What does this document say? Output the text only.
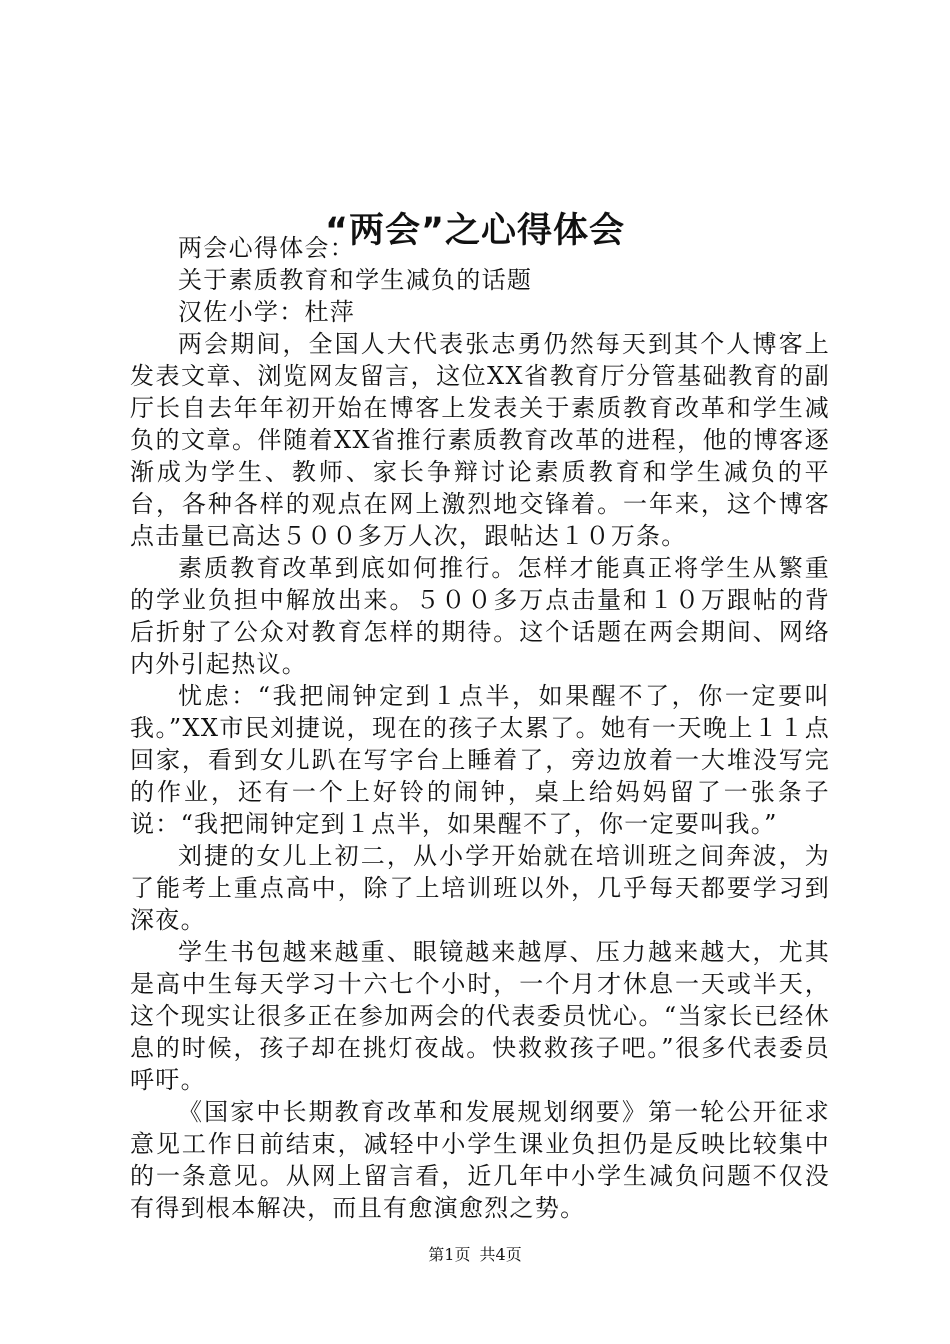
“两会”之心得体会

两会心得体会：

关于素质教育和学生减负的话题

汉佐小学：杜萍

两会期间，全国人大代表张志勇仍然每天到其个人博客上发表文章、浏览网友留言，这位XX省教育厅分管基础教育的副厅长自去年年初开始在博客上发表关于素质教育改革和学生减负的文章。伴随着XX省推行素质教育改革的进程，他的博客逐渐成为学生、教师、家长争辩讨论素质教育和学生减负的平台，各种各样的观点在网上激烈地交锋着。一年来，这个博客点击量已高达５００多万人次，跟帖达１０万条。

素质教育改革到底如何推行。怎样才能真正将学生从繁重的学业负担中解放出来。５００多万点击量和１０万跟帖的背后折射了公众对教育怎样的期待。这个话题在两会期间、网络内外引起热议。

忧虑：“我把闹钟定到１点半，如果醒不了，你一定要叫我。”XX市民刘捷说，现在的孩子太累了。她有一天晚上１１点回家，看到女儿趴在写字台上睡着了，旁边放着一大堆没写完的作业，还有一个上好铃的闹钟，桌上给妈妈留了一张条子说：“我把闹钟定到１点半，如果醒不了，你一定要叫我。”

刘捷的女儿上初二，从小学开始就在培训班之间奔波，为了能考上重点高中，除了上培训班以外，几乎每天都要学习到深夜。

学生书包越来越重、眼镜越来越厚、压力越来越大，尤其是高中生每天学习十六七个小时，一个月才休息一天或半天，这个现实让很多正在参加两会的代表委员忧心。“当家长已经休息的时候，孩子却在挑灯夜战。快救救孩子吧。”很多代表委员呼吁。

《国家中长期教育改革和发展规划纲要》第一轮公开征求意见工作日前结束，减轻中小学生课业负担仍是反映比较集中的一条意见。从网上留言看，近几年中小学生减负问题不仅没有得到根本解决，而且有愈演愈烈之势。

第1页 共4页
